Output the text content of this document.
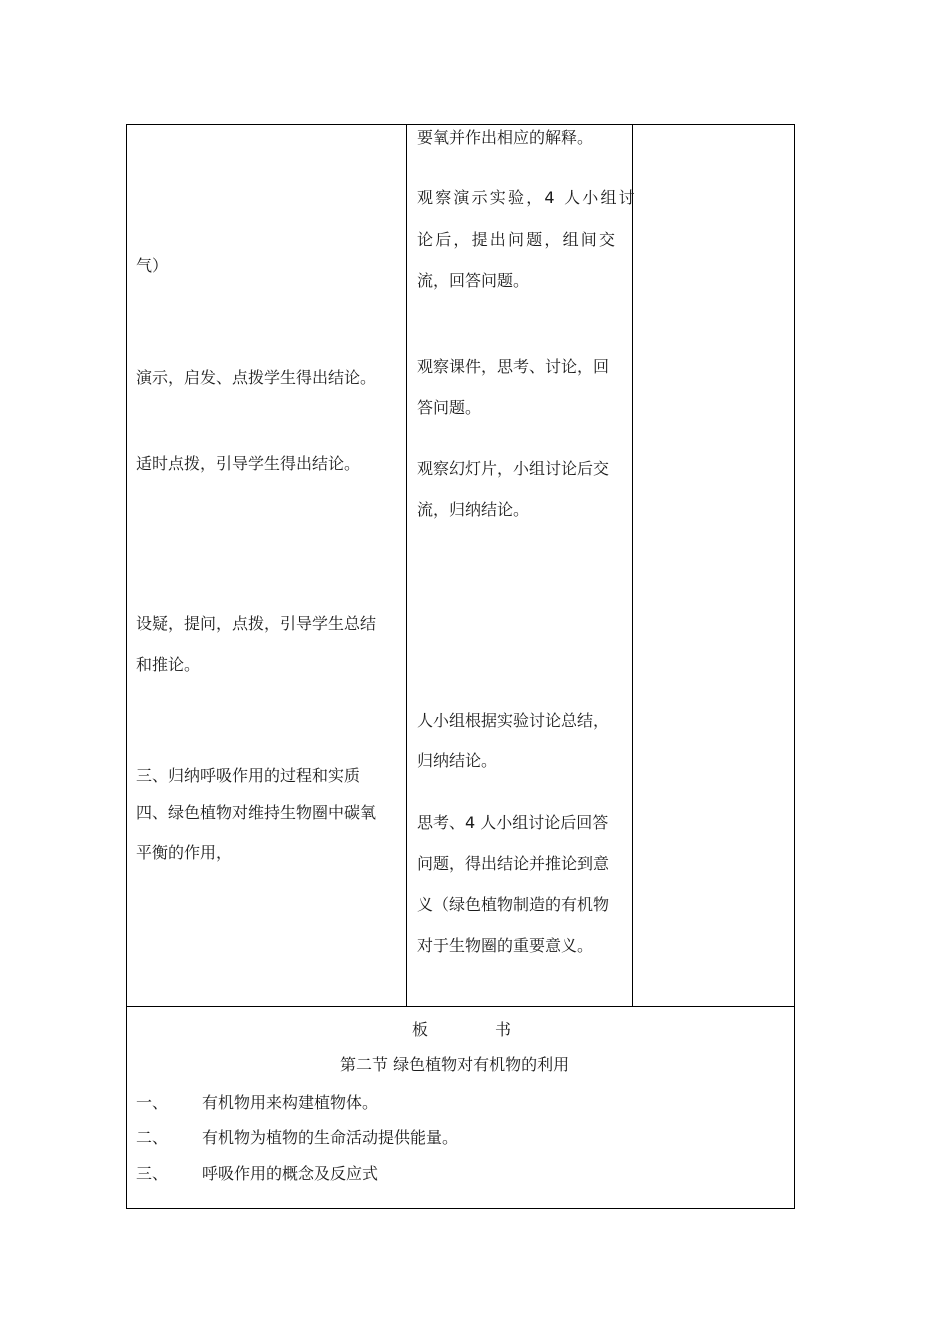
气）
演示，启发、点拨学生得出结论。
适时点拨，引导学生得出结论。
设疑，提问，点拨，引导学生总结
和推论。
三、归纳呼吸作用的过程和实质
四、绿色植物对维持生物圈中碳氧
平衡的作用，
要氧并作出相应的解释。
观察演示实验，4 人小组讨
论后，提出问题，组间交
流，回答问题。
观察课件，思考、讨论，回
答问题。
观察幻灯片，小组讨论后交
流，归纳结论。
人小组根据实验讨论总结，
归纳结论。
思考、4 人小组讨论后回答
问题，得出结论并推论到意
义（绿色植物制造的有机物
对于生物圈的重要意义。
板	书
第二节 绿色植物对有机物的利用
一、 有机物用来构建植物体。
二、 有机物为植物的生命活动提供能量。
三、 呼吸作用的概念及反应式
